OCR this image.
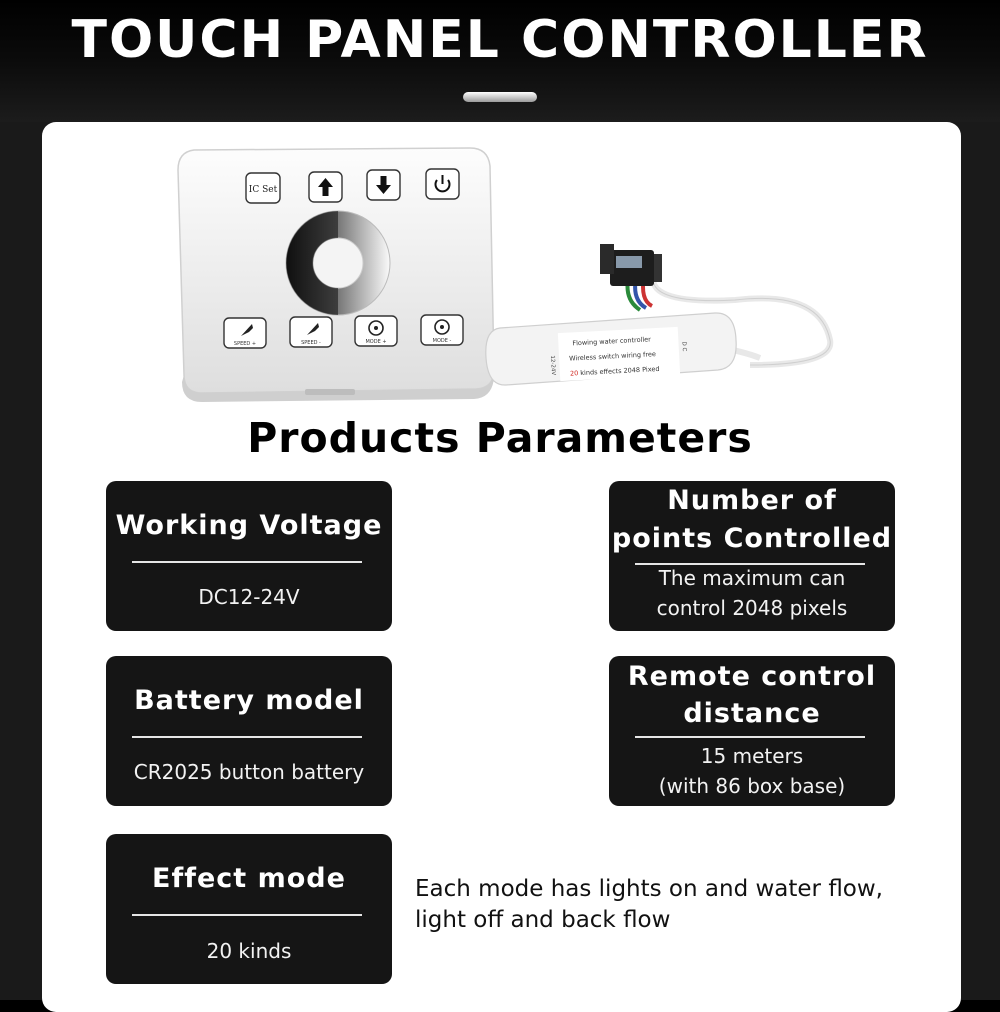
TOUCH PANEL CONTROLLER
IC Set
SPEED +	SPEED -	MODE +	MODE -	Flowing water controller
Wireless switch wiring free
20 kinds effects 2048 Pixed
12-24V
D C
Products Parameters
Working Voltage
DC12-24V
Number of
points Controlled
The maximum can
control 2048 pixels
Battery model
CR2025 button battery
Remote control
distance
15 meters
(with 86 box base)
Effect mode
20 kinds
Each mode has lights on and water flow,
light off and back flow
